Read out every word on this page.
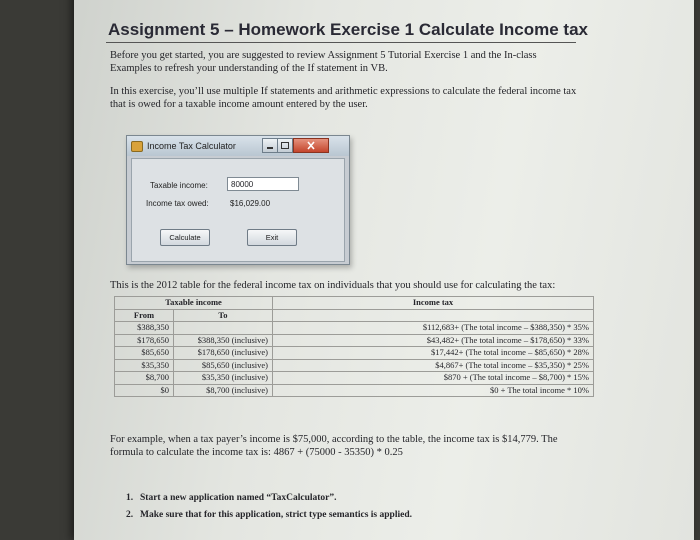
Assignment 5 – Homework Exercise 1 Calculate Income tax
Before you get started, you are suggested to review Assignment 5 Tutorial Exercise 1 and the In-class Examples to refresh your understanding of the If statement in VB.
In this exercise, you’ll use multiple If statements and arithmetic expressions to calculate the federal income tax that is owed for a taxable income amount entered by the user.
Income Tax Calculator
Taxable income:	80000
Income tax owed:	$16,029.00
Calculate	Exit
This is the 2012 table for the federal income tax on individuals that you should use for calculating the tax:
Taxable income		Income tax
From	To	
$388,350		$112,683+ (The total income – $388,350) * 35%
$178,650	$388,350 (inclusive)	$43,482+ (The total income – $178,650) * 33%
$85,650	$178,650 (inclusive)	$17,442+ (The total income – $85,650) * 28%
$35,350	$85,650 (inclusive)	$4,867+ (The total income – $35,350) * 25%
$8,700	$35,350 (inclusive)	$870 + (The total income – $8,700) * 15%
$0	$8,700 (inclusive)	$0 + The total income * 10%
For example, when a tax payer’s income is $75,000, according to the table, the income tax is $14,779. The formula to calculate the income tax is: 4867 + (75000 - 35350) * 0.25
1. Start a new application named “TaxCalculator”.
2. Make sure that for this application, strict type semantics is applied.
